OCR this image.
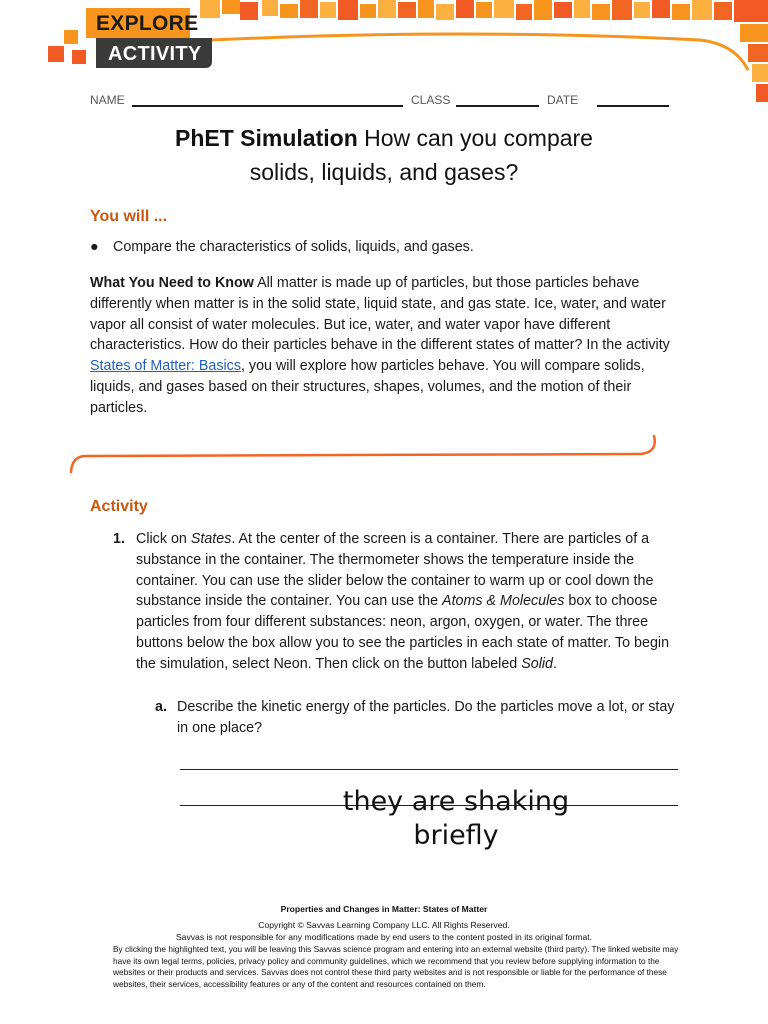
EXPLORE
ACTIVITY
NAME	CLASS	DATE
PhET Simulation How can you compare
solids, liquids, and gases?
You will ...
● Compare the characteristics of solids, liquids, and gases.
What You Need to Know All matter is made up of particles, but those particles behave differently when matter is in the solid state, liquid state, and gas state. Ice, water, and water vapor all consist of water molecules. But ice, water, and water vapor have different characteristics. How do their particles behave in the different states of matter? In the activity States of Matter: Basics, you will explore how particles behave. You will compare solids, liquids, and gases based on their structures, shapes, volumes, and the motion of their particles.
Activity
1. Click on States. At the center of the screen is a container. There are particles of a substance in the container. The thermometer shows the temperature inside the container. You can use the slider below the container to warm up or cool down the substance inside the container. You can use the Atoms & Molecules box to choose particles from four different substances: neon, argon, oxygen, or water. The three buttons below the box allow you to see the particles in each state of matter. To begin the simulation, select Neon. Then click on the button labeled Solid.
a. Describe the kinetic energy of the particles. Do the particles move a lot, or stay in one place?
they are shaking
briefly
Properties and Changes in Matter: States of Matter
Copyright © Savvas Learning Company LLC. All Rights Reserved.
Savvas is not responsible for any modifications made by end users to the content posted in its original format.
By clicking the highlighted text, you will be leaving this Savvas science program and entering into an external website (third party). The linked website may have its own legal terms, policies, privacy policy and community guidelines, which we recommend that you review before supplying information to the websites or their products and services. Savvas does not control these third party websites and is not responsible or liable for the performance of these websites, their services, accessibility features or any of the content and resources contained on them.
